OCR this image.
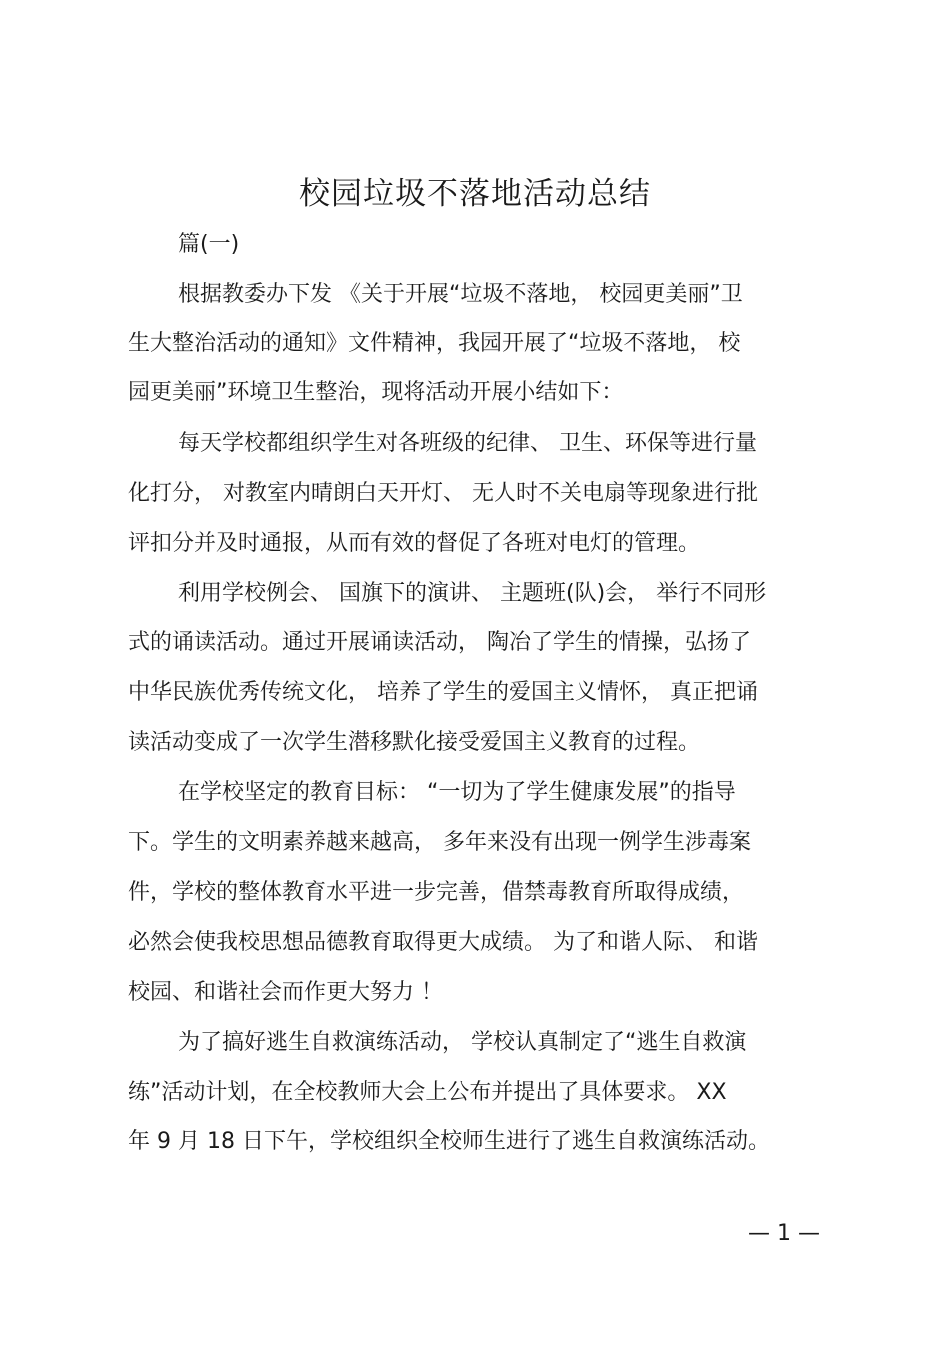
校园垃圾不落地活动总结
篇(一)
根据教委办下发 《关于开展“垃圾不落地， 校园更美丽”卫
生大整治活动的通知》文件精神，我园开展了“垃圾不落地， 校
园更美丽”环境卫生整治，现将活动开展小结如下：
每天学校都组织学生对各班级的纪律、 卫生、环保等进行量
化打分， 对教室内晴朗白天开灯、 无人时不关电扇等现象进行批
评扣分并及时通报，从而有效的督促了各班对电灯的管理。
利用学校例会、 国旗下的演讲、 主题班(队)会， 举行不同形
式的诵读活动。通过开展诵读活动， 陶冶了学生的情操，弘扬了
中华民族优秀传统文化， 培养了学生的爱国主义情怀， 真正把诵
读活动变成了一次学生潜移默化接受爱国主义教育的过程。
在学校坚定的教育目标： “一切为了学生健康发展”的指导
下。学生的文明素养越来越高， 多年来没有出现一例学生涉毒案
件，学校的整体教育水平进一步完善，借禁毒教育所取得成绩，
必然会使我校思想品德教育取得更大成绩。 为了和谐人际、 和谐
校园、和谐社会而作更大努力 ！
为了搞好逃生自救演练活动， 学校认真制定了“逃生自救演
练”活动计划，在全校教师大会上公布并提出了具体要求。 XX
年 9 月 18 日下午，学校组织全校师生进行了逃生自救演练活动。
— 1 —
